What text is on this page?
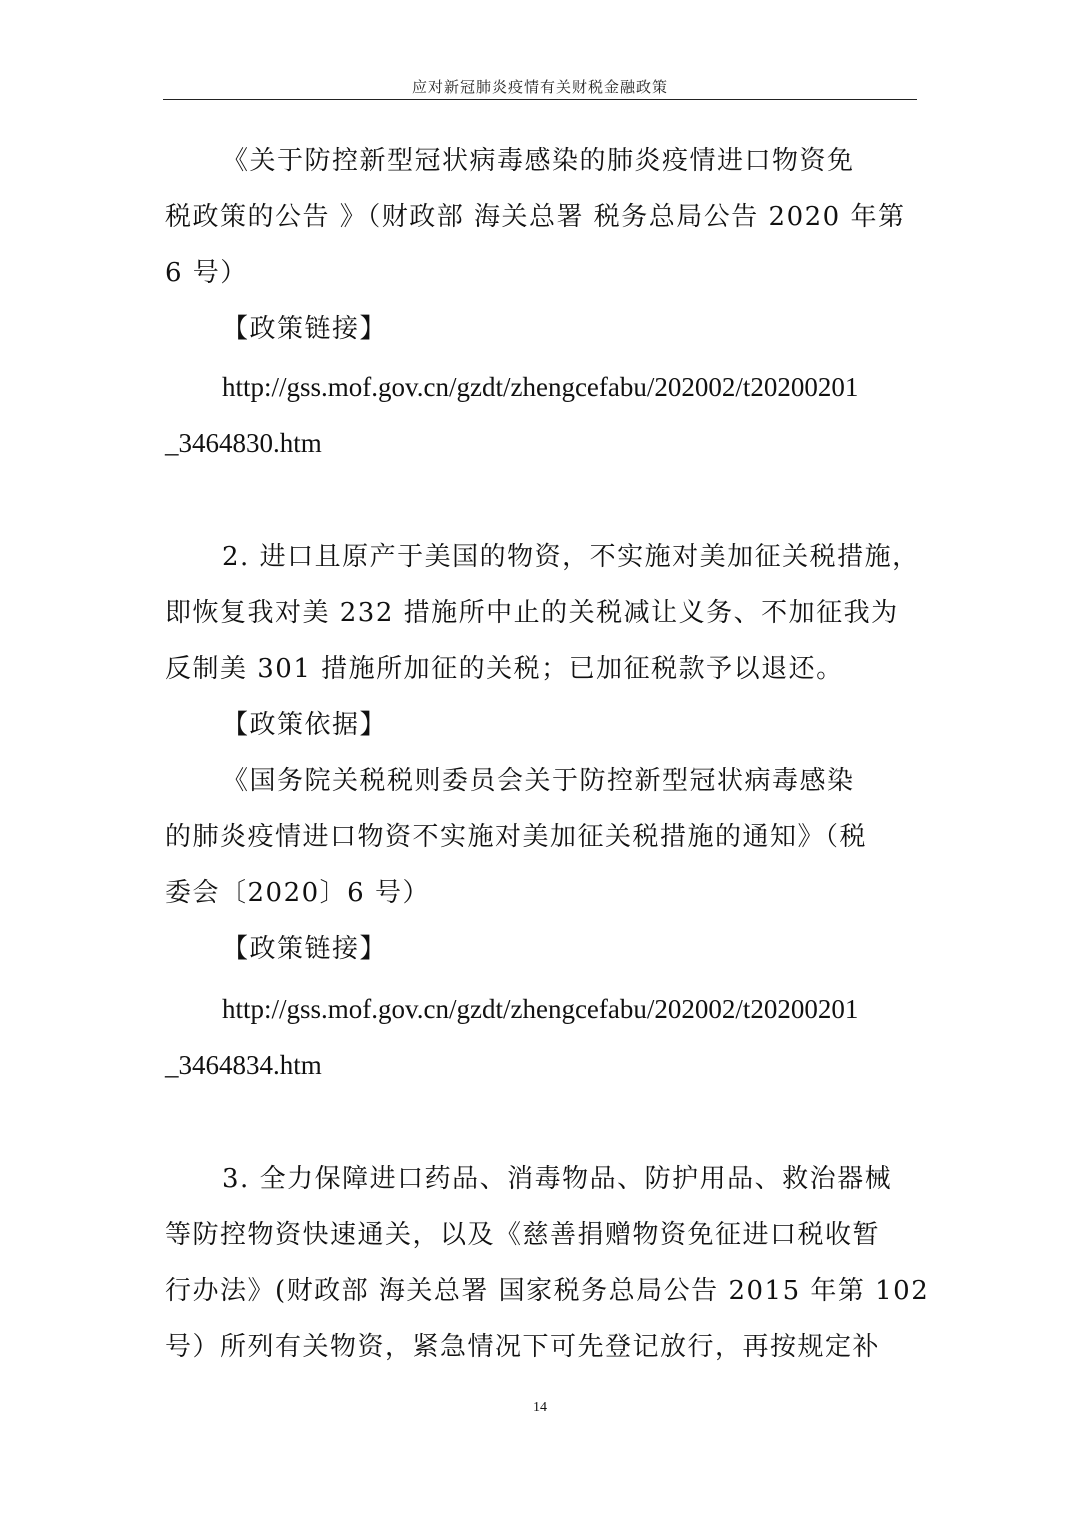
应对新冠肺炎疫情有关财税金融政策
《关于防控新型冠状病毒感染的肺炎疫情进口物资免
税政策的公告 》（财政部 海关总署 税务总局公告 2020 年第
6 号）
【政策链接】
http://gss.mof.gov.cn/gzdt/zhengcefabu/202002/t20200201
_3464830.htm
2. 进口且原产于美国的物资，不实施对美加征关税措施，
即恢复我对美 232 措施所中止的关税减让义务、不加征我为
反制美 301 措施所加征的关税；已加征税款予以退还。
【政策依据】
《国务院关税税则委员会关于防控新型冠状病毒感染
的肺炎疫情进口物资不实施对美加征关税措施的通知》（税
委会〔2020〕6 号）
【政策链接】
http://gss.mof.gov.cn/gzdt/zhengcefabu/202002/t20200201
_3464834.htm
3. 全力保障进口药品、消毒物品、防护用品、救治器械
等防控物资快速通关，以及《慈善捐赠物资免征进口税收暂
行办法》(财政部 海关总署 国家税务总局公告 2015 年第 102
号）所列有关物资，紧急情况下可先登记放行，再按规定补
14
